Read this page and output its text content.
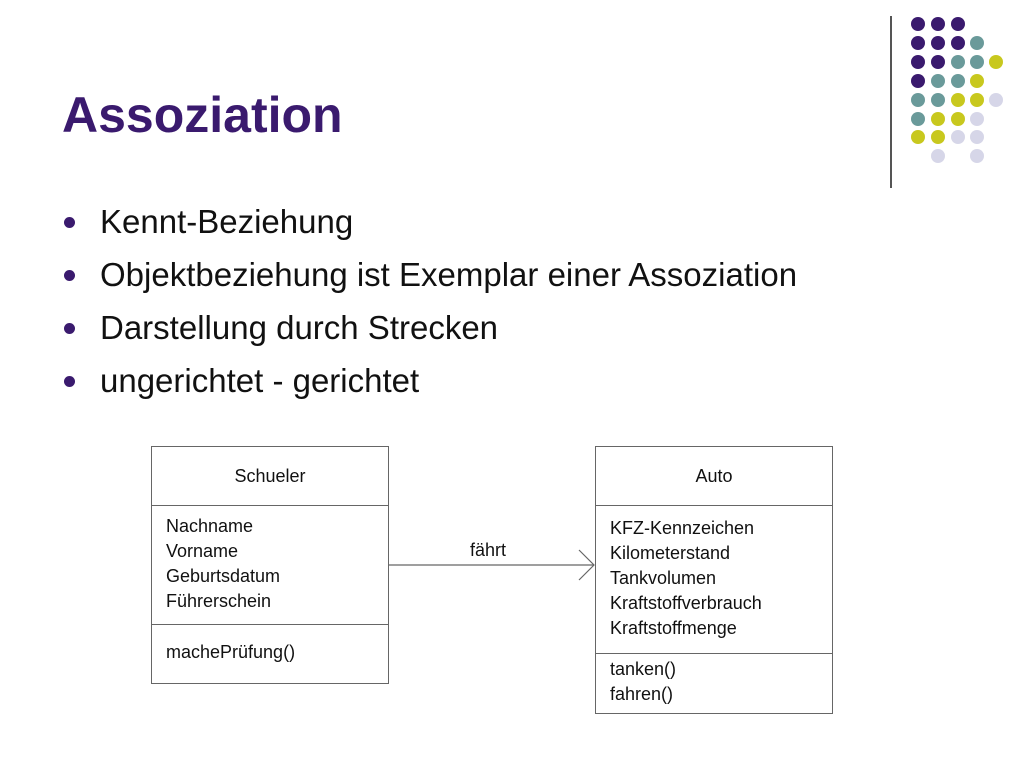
Assoziation
Kennt-Beziehung
Objektbeziehung ist Exemplar einer Assoziation
Darstellung durch Strecken
ungerichtet - gerichtet
Schueler
Nachname
Vorname
Geburtsdatum
Führerschein
machePrüfung()
Auto
KFZ-Kennzeichen
Kilometerstand
Tankvolumen
Kraftstoffverbrauch
Kraftstoffmenge
tanken()
fahren()
fährt
